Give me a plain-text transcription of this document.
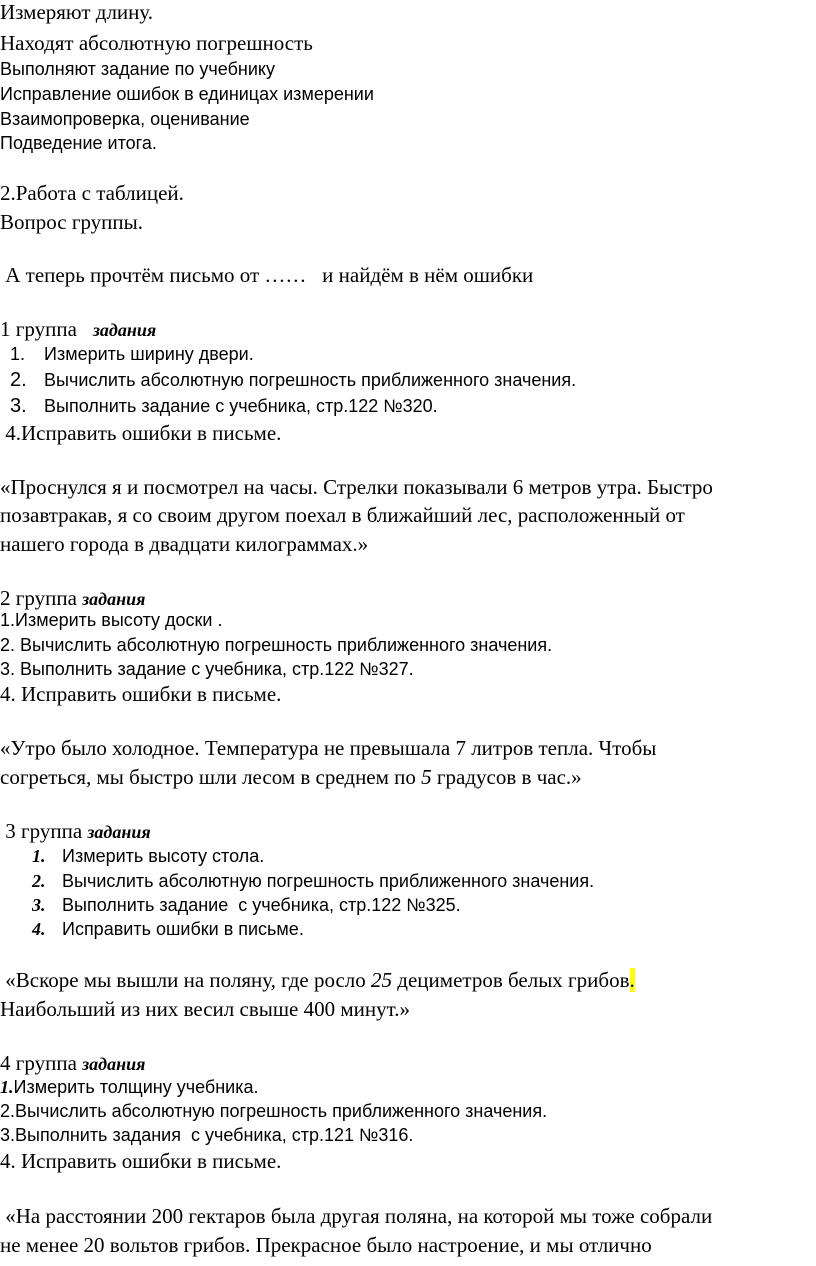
Измеряют длину.
Находят абсолютную погрешность
Выполняют задание по учебнику
Исправление ошибок в единицах измерении
Взаимопроверка, оценивание
Подведение итога.
2.Работа с таблицей.
Вопрос группы.
А теперь прочтём письмо от ……   и найдём в нём ошибки
1 группа задания
1. Измерить ширину двери.
2. Вычислить абсолютную погрешность приближенного значения.
3. Выполнить задание с учебника, стр.122 №320.
4.Исправить ошибки в письме.
«Проснулся я и посмотрел на часы. Стрелки показывали 6 метров утра. Быстро
позавтракав, я со своим другом поехал в ближайший лес, расположенный от
нашего города в двадцати килограммах.»
2 группа задания
1.Измерить высоту доски .
2. Вычислить абсолютную погрешность приближенного значения.
3. Выполнить задание с учебника, стр.122 №327.
4. Исправить ошибки в письме.
«Утро было холодное. Температура не превышала 7 литров тепла. Чтобы
согреться, мы быстро шли лесом в среднем по 5 градусов в час.»
3 группа задания
1. Измерить высоту стола.
2. Вычислить абсолютную погрешность приближенного значения.
3. Выполнить задание  с учебника, стр.122 №325.
4. Исправить ошибки в письме.
«Вскоре мы вышли на поляну, где росло 25 дециметров белых грибов.
Наибольший из них весил свыше 400 минут.»
4 группа задания
1.Измерить толщину учебника.
2.Вычислить абсолютную погрешность приближенного значения.
3.Выполнить задания  с учебника, стр.121 №316.
4. Исправить ошибки в письме.
«На расстоянии 200 гектаров была другая поляна, на которой мы тоже собрали
не менее 20 вольтов грибов. Прекрасное было настроение, и мы отлично
